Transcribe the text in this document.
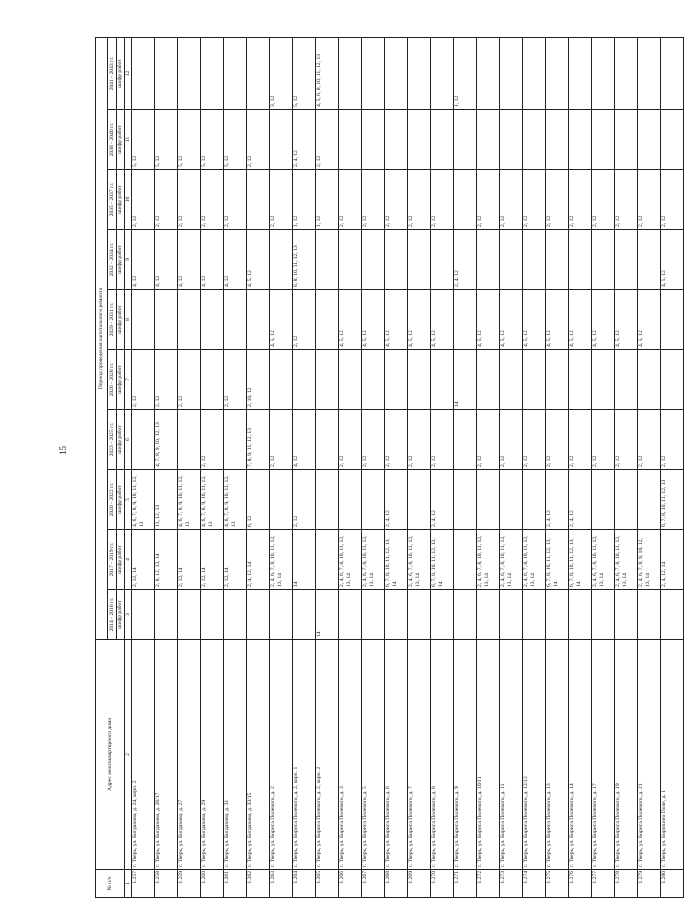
15
№ п/п	Адрес многоквартирного дома	Период проведения капитального ремонта									
		2014 - 2016 гг.	2017 - 2019 гг.	2020 - 2022 гг.	2023 - 2025 гг.	2026 - 2028 гг.	2029 - 2031 гг.	2032 - 2034 гг.	2035 - 2037 гг.	2038 - 2040 гг.	2041 - 2043 гг.
		шифр работ	шифр работ	шифр работ	шифр работ	шифр работ	шифр работ	шифр работ	шифр работ	шифр работ	шифр работ
1	2	3	4	5	6	7	8	9	10	11	12
1.257	г. Тверь, ул. Богданова, д. 24, корп. 2		2, 12, 14	4, 6, 7, 8, 9, 10, 11, 12, 13		2, 12		4, 12	2, 12	5, 12	
1.258	г. Тверь, ул. Богданова, д. 26/17		2, 8, 12, 13, 14	11, 12, 13	4, 7, 8, 9, 10, 12, 13	2, 12		4, 12	2, 12	5, 12	
1.259	г. Тверь, ул. Богданова, д. 27		2, 12, 14	4, 6, 7, 8, 9, 10, 11, 12, 13		2, 12		4, 12	2, 12	5, 12	
1.260	г. Тверь, ул. Богданова, д. 29		2, 12, 14	4, 6, 7, 8, 9, 10, 11, 12, 13	2, 12			4, 12	2, 12	5, 12	
1.261	г. Тверь, ул. Богданова, д. 31		2, 12, 14	4, 6, 7, 8, 9, 10, 11, 12, 13		2, 12		4, 12	2, 12	5, 12	
1.262	г. Тверь, ул. Богданова, д. 33/15		2, 4, 12, 14	6, 12	7, 8, 9, 11, 12, 13	2, 10, 12		4, 5, 12		2, 12	
1.263	г. Тверь, ул. Бориса Полевого, д. 2		2, 4, 6, 7, 8, 10, 11, 12, 13, 14		2, 12		4, 5, 12		2, 12		3, 12
1.264	г. Тверь, ул. Бориса Полевого, д. 2, корп. 1		14	2, 12	4, 12		2, 12	6, 8, 10, 11, 12, 13	1, 12	2, 4, 12	5, 12
1.265	г. Тверь, ул. Бориса Полевого, д. 2, корп. 2	14							1, 12	2, 12	4, 5, 6, 8, 10, 11, 12, 13
1.266	г. Тверь, ул. Бориса Полевого, д. 3		2, 4, 6, 7, 8, 10, 11, 12, 13, 14		2, 12		4, 5, 12		2, 12		
1.267	г. Тверь, ул. Бориса Полевого, д. 5		2, 4, 6, 7, 8, 10, 11, 12, 13, 14		2, 12		4, 5, 12		2, 12		
1.268	г. Тверь, ул. Бориса Полевого, д. 6		6, 7, 8, 10, 11, 12, 13, 14	2, 4, 12	2, 12		4, 5, 12		2, 12		
1.269	г. Тверь, ул. Бориса Полевого, д. 7		2, 4, 6, 7, 8, 10, 11, 12, 13, 14		2, 12		4, 5, 12		2, 12		
1.270	г. Тверь, ул. Бориса Полевого, д. 8		6, 7, 8, 10, 11, 12, 13, 14	2, 4, 12	2, 12		4, 5, 12		2, 12		
1.271	г. Тверь, ул. Бориса Полевого, д. 9					14		2, 4, 12			1, 12
1.272	г. Тверь, ул. Бориса Полевого, д. 10/11		2, 4, 6, 7, 8, 10, 11, 12, 13, 14		2, 12		4, 5, 12		2, 12		
1.273	г. Тверь, ул. Бориса Полевого, д. 11		2, 4, 6, 7, 8, 10, 11, 12, 13, 14		2, 12		4, 5, 12		2, 12		
1.274	г. Тверь, ул. Бориса Полевого, д. 12/12		2, 4, 6, 7, 8, 10, 11, 12, 13, 14		2, 12		4, 5, 12		2, 12		
1.275	г. Тверь, ул. Бориса Полевого, д. 13		6, 7, 8, 10, 11, 12, 13, 14	2, 4, 12	2, 12		4, 5, 12		2, 12		
1.276	г. Тверь, ул. Бориса Полевого, д. 14		6, 7, 8, 10, 11, 12, 13, 14	2, 4, 12	2, 12		4, 5, 12		2, 12		
1.277	г. Тверь, ул. Бориса Полевого, д. 17		2, 4, 6, 7, 8, 10, 11, 12, 13, 14		2, 12		4, 5, 12		2, 12		
1.278	г. Тверь, ул. Бориса Полевого, д. 19		2, 4, 6, 7, 8, 10, 11, 12, 13, 14		2, 12		4, 5, 12		2, 12		
1.279	г. Тверь, ул. Бориса Полевого, д. 21		2, 4, 6, 7, 8, 9, 10, 12, 13, 14		2, 12		4, 5, 12		2, 12		
1.280	г. Тверь, ул. Борихино Поле, д. 1		2, 4, 12, 14	6, 7, 8, 10, 11, 12, 13	2, 12			4, 5, 12	2, 12		
